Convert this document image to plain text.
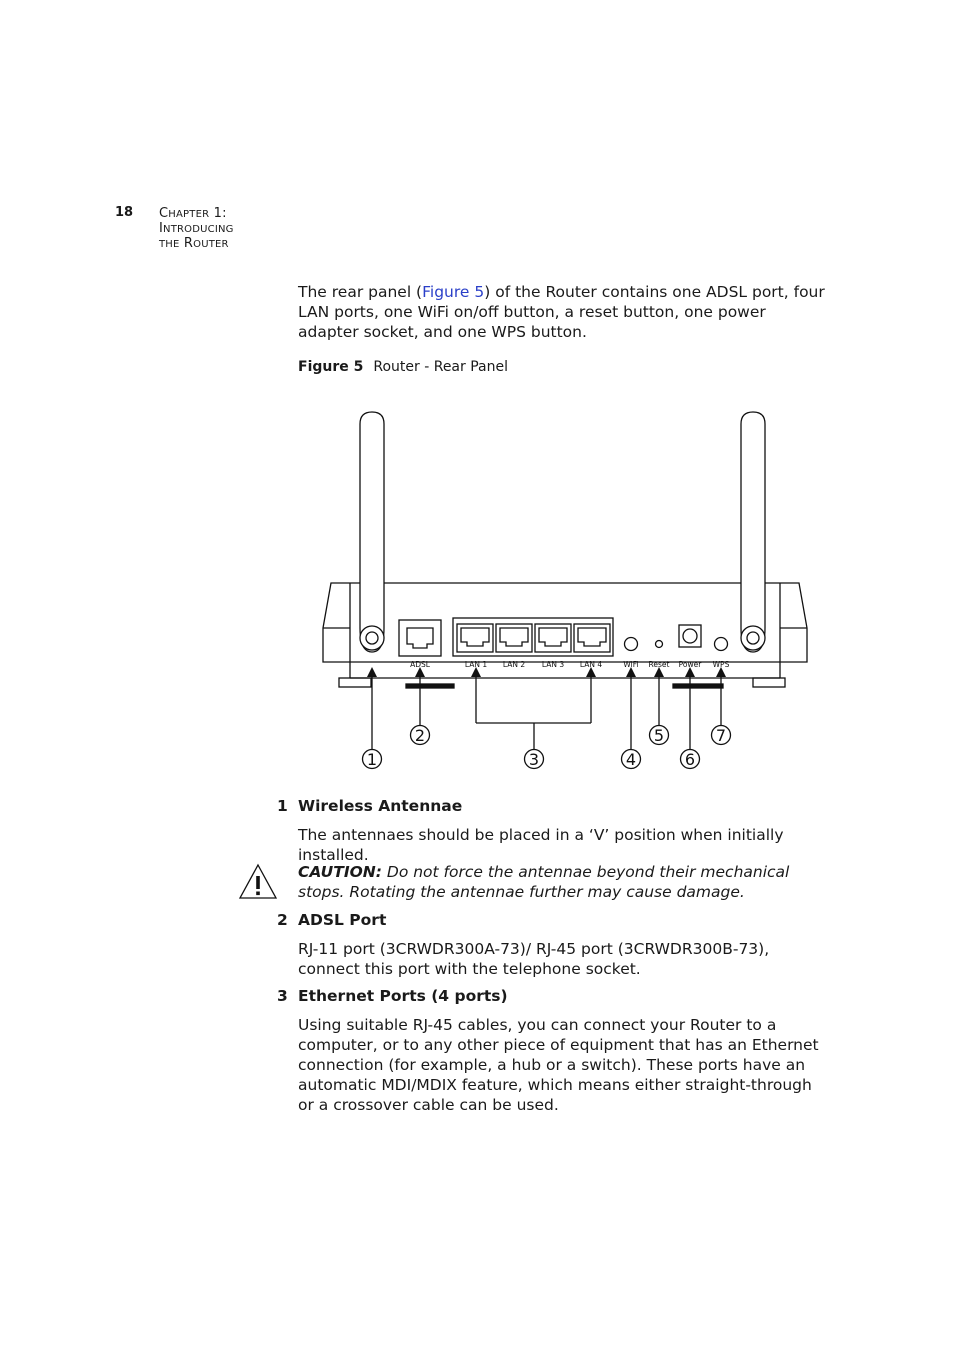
18 CHAPTER 1: INTRODUCING THE ROUTER

The rear panel (Figure 5) of the Router contains one ADSL port, four LAN ports, one WiFi on/off button, a reset button, one power adapter socket, and one WPS button.

Figure 5 Router - Rear Panel
ADSL	LAN 1 LAN 2 LAN 3 LAN 4	WiFi Reset Power WPS
1
2
3	4
5
6
7
1 Wireless Antennae

The antennaes should be placed in a ‘V’ position when initially installed.

CAUTION: Do not force the antennae beyond their mechanical stops. Rotating the antennae further may cause damage.

2 ADSL Port

RJ-11 port (3CRWDR300A-73)/ RJ-45 port (3CRWDR300B-73), connect this port with the telephone socket.

3 Ethernet Ports (4 ports)

Using suitable RJ-45 cables, you can connect your Router to a computer, or to any other piece of equipment that has an Ethernet connection (for example, a hub or a switch). These ports have an automatic MDI/MDIX feature, which means either straight-through or a crossover cable can be used.
